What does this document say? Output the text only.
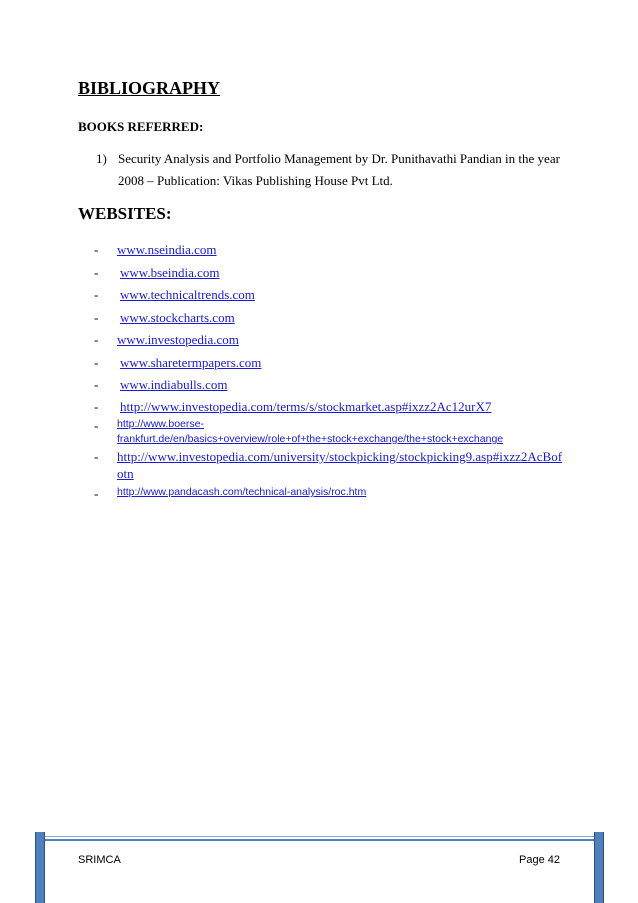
BIBLIOGRAPHY
BOOKS REFERRED:
1) Security Analysis and Portfolio Management by Dr. Punithavathi Pandian in the year
2008 – Publication: Vikas Publishing House Pvt Ltd.
WEBSITES:
- www.nseindia.com
- www.bseindia.com
- www.technicaltrends.com
- www.stockcharts.com
- www.investopedia.com
- www.sharetermpapers.com
- www.indiabulls.com
- http://www.investopedia.com/terms/s/stockmarket.asp#ixzz2Ac12urX7
- http://www.boerse-
frankfurt.de/en/basics+overview/role+of+the+stock+exchange/the+stock+exchange
- http://www.investopedia.com/university/stockpicking/stockpicking9.asp#ixzz2AcBof
otn
- http://www.pandacash.com/technical-analysis/roc.htm
SRIMCA	Page 42
